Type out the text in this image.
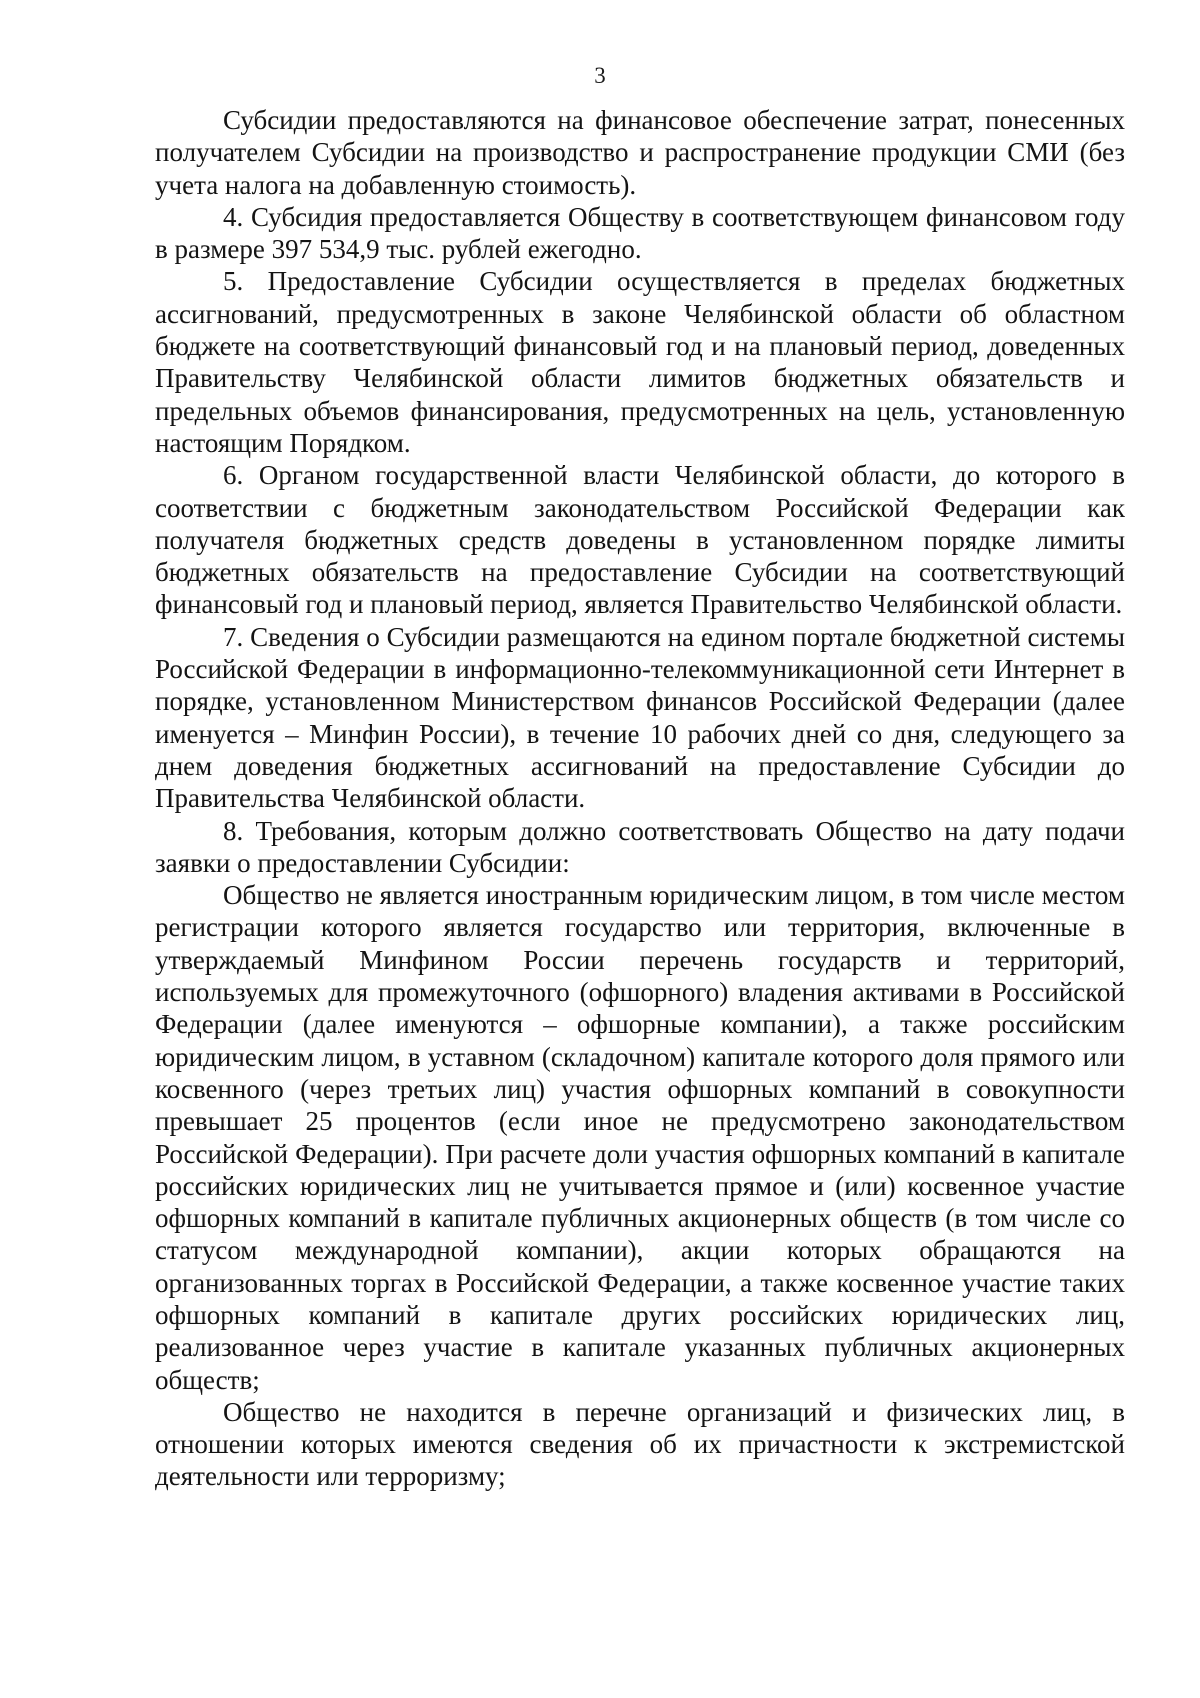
3

Субсидии предоставляются на финансовое обеспечение затрат, понесенных получателем Субсидии на производство и распространение продукции СМИ (без учета налога на добавленную стоимость).

4. Субсидия предоставляется Обществу в соответствующем финансовом году в размере 397 534,9 тыс. рублей ежегодно.

5. Предоставление Субсидии осуществляется в пределах бюджетных ассигнований, предусмотренных в законе Челябинской области об областном бюджете на соответствующий финансовый год и на плановый период, доведенных Правительству Челябинской области лимитов бюджетных обязательств и предельных объемов финансирования, предусмотренных на цель, установленную настоящим Порядком.

6. Органом государственной власти Челябинской области, до которого в соответствии с бюджетным законодательством Российской Федерации как получателя бюджетных средств доведены в установленном порядке лимиты бюджетных обязательств на предоставление Субсидии на соответствующий финансовый год и плановый период, является Правительство Челябинской области.

7. Сведения о Субсидии размещаются на едином портале бюджетной системы Российской Федерации в информационно-телекоммуникационной сети Интернет в порядке, установленном Министерством финансов Российской Федерации (далее именуется – Минфин России), в течение 10 рабочих дней со дня, следующего за днем доведения бюджетных ассигнований на предоставление Субсидии до Правительства Челябинской области.

8. Требования, которым должно соответствовать Общество на дату подачи заявки о предоставлении Субсидии:

Общество не является иностранным юридическим лицом, в том числе местом регистрации которого является государство или территория, включенные в утверждаемый Минфином России перечень государств и территорий, используемых для промежуточного (офшорного) владения активами в Российской Федерации (далее именуются – офшорные компании), а также российским юридическим лицом, в уставном (складочном) капитале которого доля прямого или косвенного (через третьих лиц) участия офшорных компаний в совокупности превышает 25 процентов (если иное не предусмотрено законодательством Российской Федерации). При расчете доли участия офшорных компаний в капитале российских юридических лиц не учитывается прямое и (или) косвенное участие офшорных компаний в капитале публичных акционерных обществ (в том числе со статусом международной компании), акции которых обращаются на организованных торгах в Российской Федерации, а также косвенное участие таких офшорных компаний в капитале других российских юридических лиц, реализованное через участие в капитале указанных публичных акционерных обществ;

Общество не находится в перечне организаций и физических лиц, в отношении которых имеются сведения об их причастности к экстремистской деятельности или терроризму;
